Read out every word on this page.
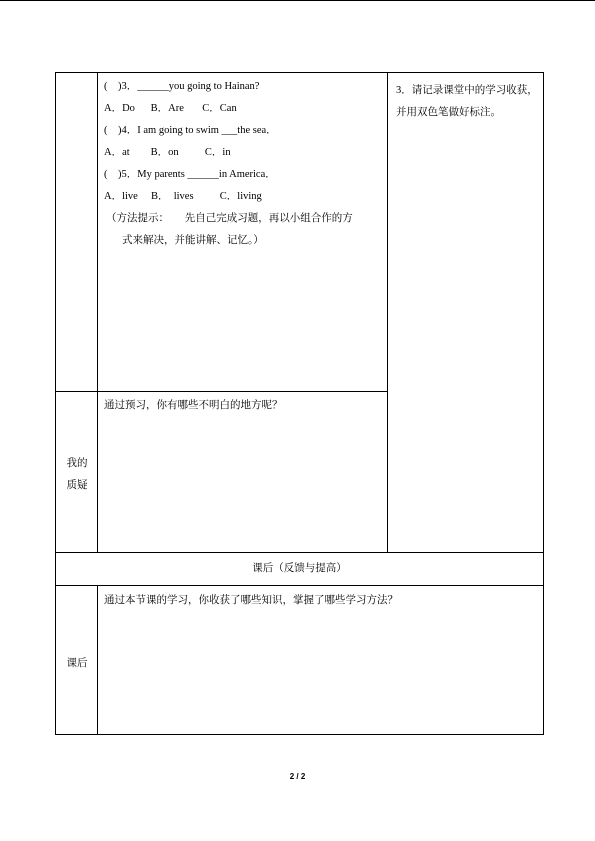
(    )3．______you going to Hainan?
A．Do      B．Are       C．Can
(    )4．I am going to swim ___the sea．
A．at        B．on          C．in
(    )5．My parents ______in America．
A．live     B．  lives          C．living
（方法提示：      先自己完成习题，再以小组合作的方
式来解决，并能讲解、记忆。）
3．请记录课堂中的学习收获，并用双色笔做好标注。
我的
质疑
通过预习，你有哪些不明白的地方呢？
课后（反馈与提高）
课后
通过本节课的学习，你收获了哪些知识，掌握了哪些学习方法？
2 / 2
